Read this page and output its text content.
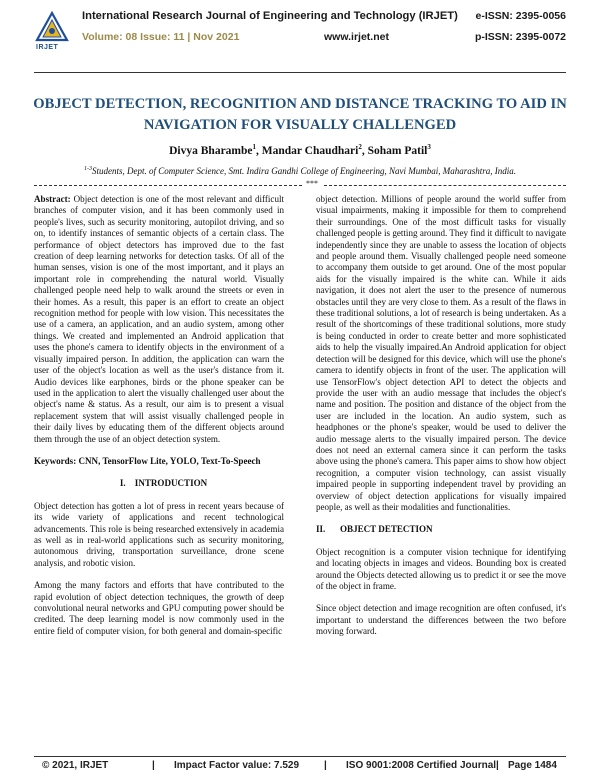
IRJET
International Research Journal of Engineering and Technology (IRJET)
Volume: 08 Issue: 11 | Nov 2021	www.irjet.net
e-ISSN: 2395-0056
p-ISSN: 2395-0072
OBJECT DETECTION, RECOGNITION AND DISTANCE TRACKING TO AID IN NAVIGATION FOR VISUALLY CHALLENGED
Divya Bharambe$^1$, Mandar Chaudhari$^2$, Soham Patil$^3$
$^{1-3}$Students, Dept. of Computer Science, Smt. Indira Gandhi College of Engineering, Navi Mumbai, Maharashtra, India.
***

Abstract: Object detection is one of the most relevant and difficult branches of computer vision, and it has been commonly used in people's lives, such as security monitoring, autopilot driving, and so on, to identify instances of semantic objects of a certain class. The performance of object detectors has improved due to the fast creation of deep learning networks for detection tasks. Of all of the human senses, vision is one of the most important, and it plays an important role in comprehending the natural world. Visually challenged people need help to walk around the streets or even in their homes. As a result, this paper is an effort to create an object recognition method for people with low vision. This necessitates the use of a camera, an application, and an audio system, among other things. We created and implemented an Android application that uses the phone's camera to identify objects in the environment of a visually impaired person. In addition, the application can warn the user of the object's location as well as the user's distance from it. Audio devices like earphones, birds or the phone speaker can be used in the application to alert the visually challenged user about the object's name & status. As a result, our aim is to present a visual replacement system that will assist visually challenged people in their daily lives by educating them of the different objects around them through the use of an object detection system.

Keywords: CNN, TensorFlow Lite, YOLO, Text-To-Speech

I. INTRODUCTION

Object detection has gotten a lot of press in recent years because of its wide variety of applications and recent technological advancements. This role is being researched extensively in academia as well as in real-world applications such as security monitoring, autonomous driving, transportation surveillance, drone scene analysis, and robotic vision.

Among the many factors and efforts that have contributed to the rapid evolution of object detection techniques, the growth of deep convolutional neural networks and GPU computing power should be credited. The deep learning model is now commonly used in the entire field of computer vision, for both general and domain-specific

object detection. Millions of people around the world suffer from visual impairments, making it impossible for them to comprehend their surroundings. One of the most difficult tasks for visually challenged people is getting around. They find it difficult to navigate independently since they are unable to assess the location of objects and people around them. Visually challenged people need someone to accompany them outside to get around. One of the most popular aids for the visually impaired is the white can. While it aids navigation, it does not alert the user to the presence of numerous obstacles until they are very close to them. As a result of the flaws in these traditional solutions, a lot of research is being undertaken. As a result of the shortcomings of these traditional solutions, more study is being conducted in order to create better and more sophisticated aids to help the visually impaired.An Android application for object detection will be designed for this device, which will use the phone's camera to identify objects in front of the user. The application will use TensorFlow's object detection API to detect the objects and provide the user with an audio message that includes the object's name and position. The position and distance of the object from the user are included in the location. An audio system, such as headphones or the phone's speaker, would be used to deliver the audio message alerts to the visually impaired person. The device does not need an external camera since it can perform the tasks above using the phone's camera. This paper aims to show how object recognition, a computer vision technology, can assist visually impaired people in supporting independent travel by providing an overview of object detection applications for visually impaired people, as well as their modalities and functionalities.

II. OBJECT DETECTION

Object recognition is a computer vision technique for identifying and locating objects in images and videos. Bounding box is created around the Objects detected allowing us to predict it or see the move of the object in frame.

Since object detection and image recognition are often confused, it's important to understand the differences between the two before moving forward.

© 2021, IRJET	| Impact Factor value: 7.529 | ISO 9001:2008 Certified Journal | Page 1484
